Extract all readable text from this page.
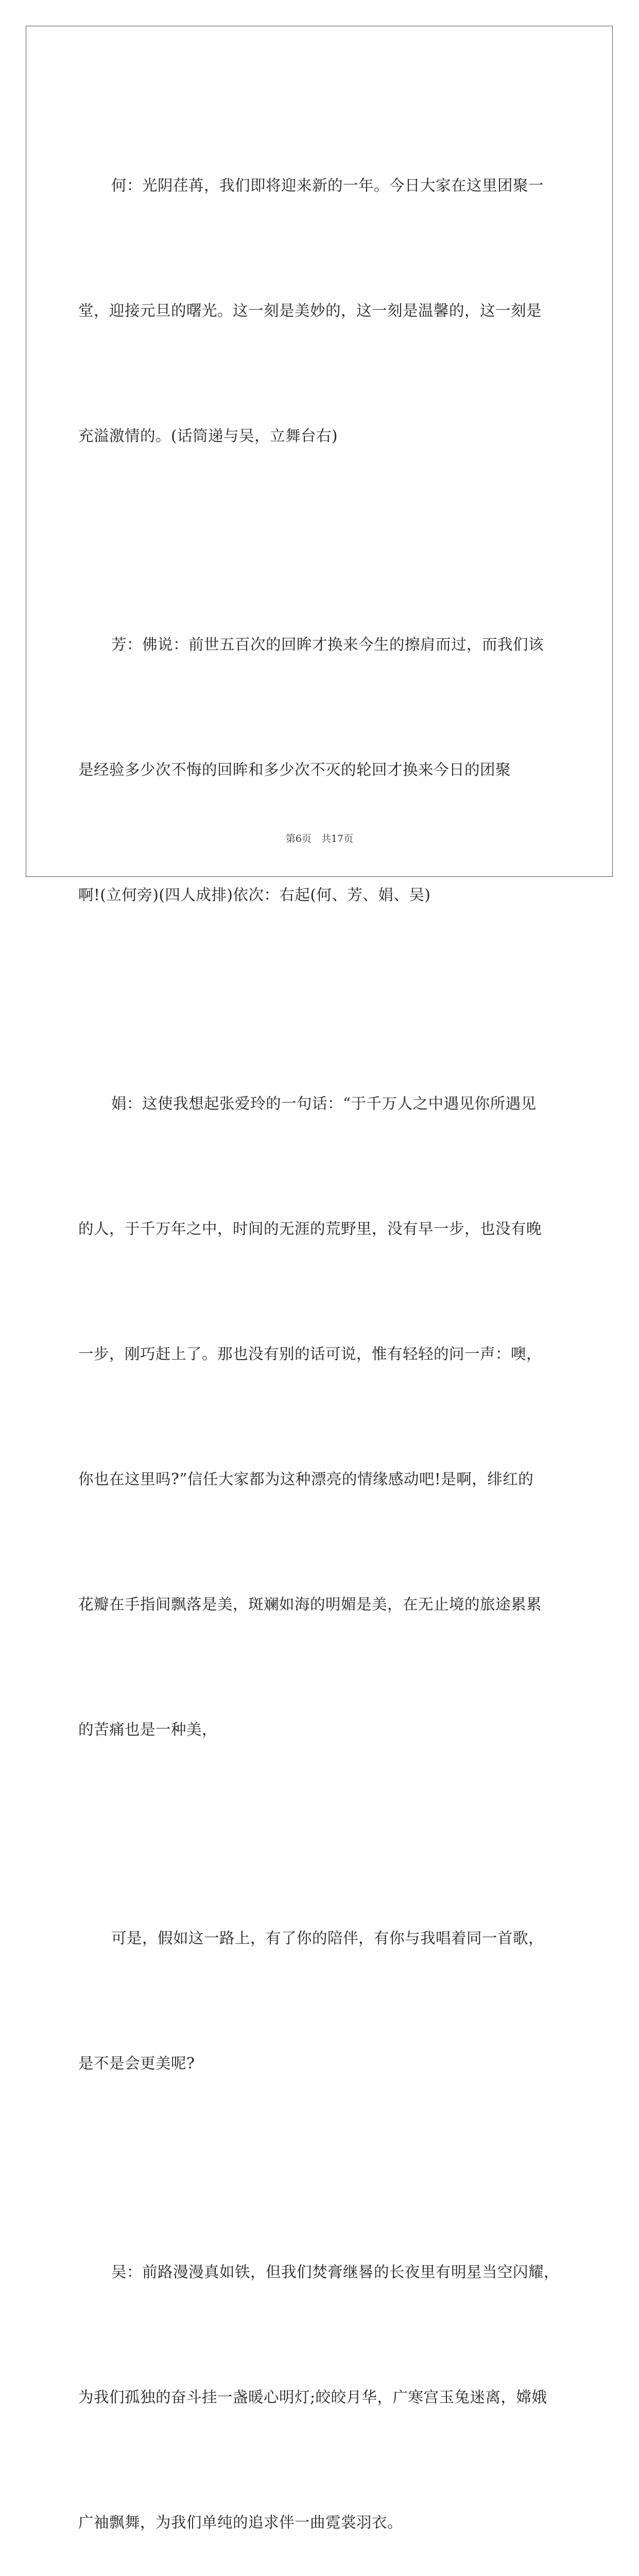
何：光阴荏苒，我们即将迎来新的一年。今日大家在这里团聚一

堂，迎接元旦的曙光。这一刻是美妙的，这一刻是温馨的，这一刻是

充溢激情的。(话筒递与吴，立舞台右)

芳：佛说：前世五百次的回眸才换来今生的擦肩而过，而我们该

是经验多少次不悔的回眸和多少次不灭的轮回才换来今日的团聚

啊!(立何旁)(四人成排)依次：右起(何、芳、娟、吴)

娟：这使我想起张爱玲的一句话：“于千万人之中遇见你所遇见

的人，于千万年之中，时间的无涯的荒野里，没有早一步，也没有晚

一步，刚巧赶上了。那也没有别的话可说，惟有轻轻的问一声：噢，

你也在这里吗?”信任大家都为这种漂亮的情缘感动吧!是啊，绯红的

花瓣在手指间飘落是美，斑斓如海的明媚是美，在无止境的旅途累累

的苦痛也是一种美，

可是，假如这一路上，有了你的陪伴，有你与我唱着同一首歌，

是不是会更美呢?

吴：前路漫漫真如铁，但我们焚膏继晷的长夜里有明星当空闪耀，

为我们孤独的奋斗挂一盏暖心明灯;皎皎月华，广寒宫玉兔迷离，嫦娥

广袖飘舞，为我们单纯的追求伴一曲霓裳羽衣。

第6页　共17页
